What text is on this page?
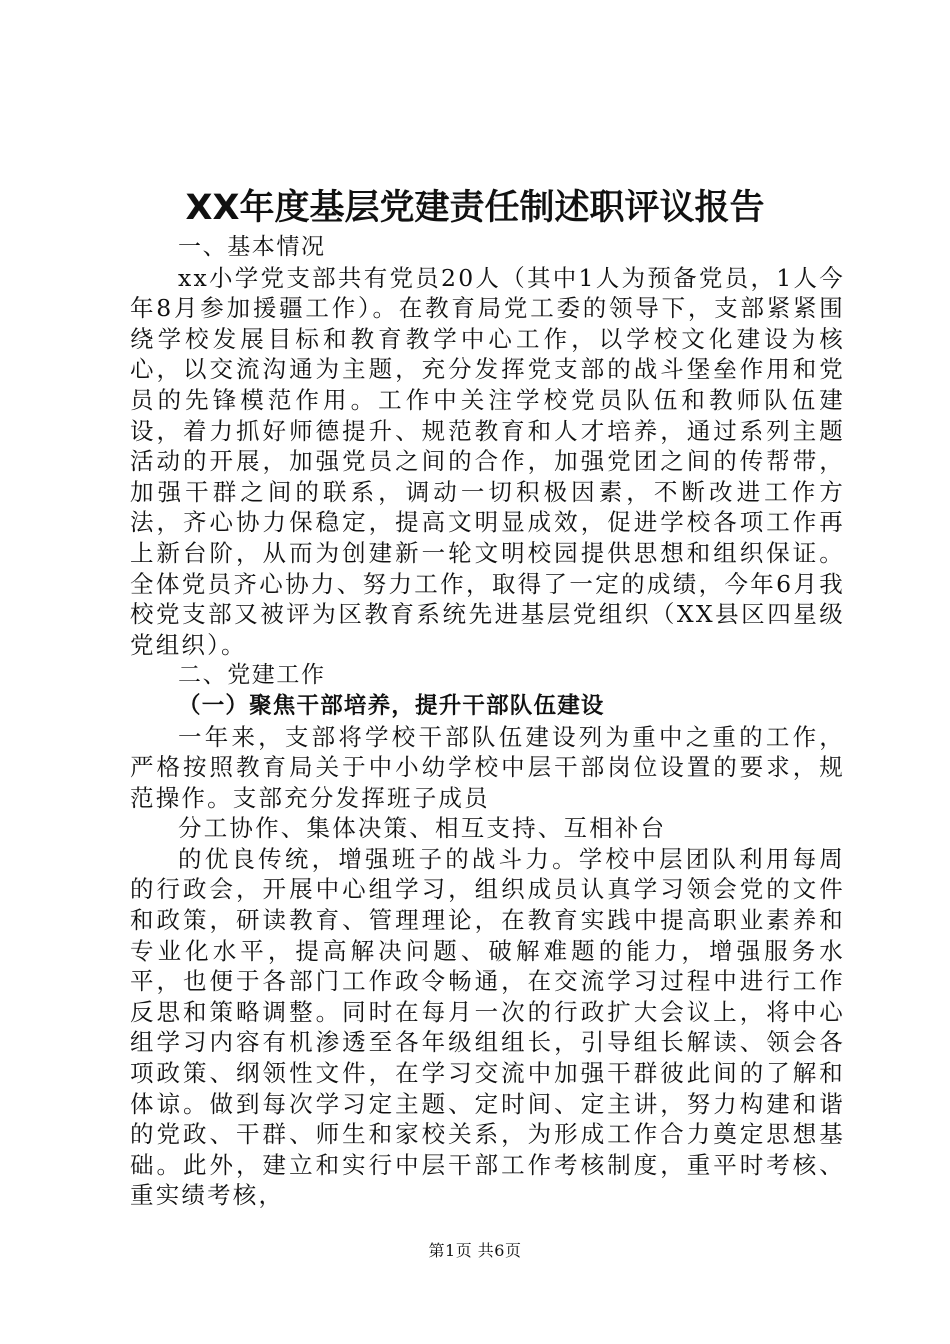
XX年度基层党建责任制述职评议报告

一、基本情况

xx小学党支部共有党员20人（其中1人为预备党员，1人今年8月参加援疆工作）。在教育局党工委的领导下，支部紧紧围绕学校发展目标和教育教学中心工作，以学校文化建设为核心，以交流沟通为主题，充分发挥党支部的战斗堡垒作用和党员的先锋模范作用。工作中关注学校党员队伍和教师队伍建设，着力抓好师德提升、规范教育和人才培养，通过系列主题活动的开展，加强党员之间的合作，加强党团之间的传帮带，加强干群之间的联系，调动一切积极因素，不断改进工作方法，齐心协力保稳定，提高文明显成效，促进学校各项工作再上新台阶，从而为创建新一轮文明校园提供思想和组织保证。全体党员齐心协力、努力工作，取得了一定的成绩，今年6月我校党支部又被评为区教育系统先进基层党组织（XX县区四星级党组织）。

二、党建工作

（一）聚焦干部培养，提升干部队伍建设

一年来，支部将学校干部队伍建设列为重中之重的工作，严格按照教育局关于中小幼学校中层干部岗位设置的要求，规范操作。支部充分发挥班子成员

分工协作、集体决策、相互支持、互相补台

的优良传统，增强班子的战斗力。学校中层团队利用每周的行政会，开展中心组学习，组织成员认真学习领会党的文件和政策，研读教育、管理理论，在教育实践中提高职业素养和专业化水平，提高解决问题、破解难题的能力，增强服务水平，也便于各部门工作政令畅通，在交流学习过程中进行工作反思和策略调整。同时在每月一次的行政扩大会议上，将中心组学习内容有机渗透至各年级组组长，引导组长解读、领会各项政策、纲领性文件，在学习交流中加强干群彼此间的了解和体谅。做到每次学习定主题、定时间、定主讲，努力构建和谐的党政、干群、师生和家校关系，为形成工作合力奠定思想基础。此外，建立和实行中层干部工作考核制度，重平时考核、重实绩考核，

第1页 共6页
